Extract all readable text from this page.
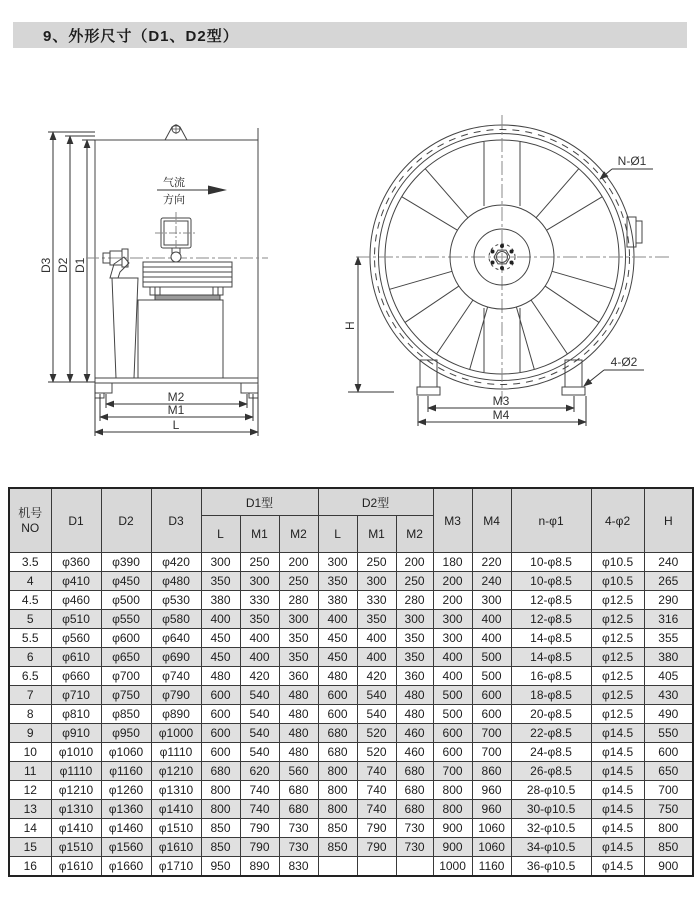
9、外形尺寸（D1、D2型）
D3 D2 D1
气流
方向
M2
M1
L
N-Ø1
4-Ø2
H
M3
M4
机号
NO	D1	D2	D3	D1型			D2型			M3	M4	n-φ1	4-φ2	H
				L	M1	M2	L	M1	M2					
3.5	φ360	φ390	φ420	300	250	200	300	250	200	180	220	10-φ8.5	φ10.5	240
4	φ410	φ450	φ480	350	300	250	350	300	250	200	240	10-φ8.5	φ10.5	265
4.5	φ460	φ500	φ530	380	330	280	380	330	280	200	300	12-φ8.5	φ12.5	290
5	φ510	φ550	φ580	400	350	300	400	350	300	300	400	12-φ8.5	φ12.5	316
5.5	φ560	φ600	φ640	450	400	350	450	400	350	300	400	14-φ8.5	φ12.5	355
6	φ610	φ650	φ690	450	400	350	450	400	350	400	500	14-φ8.5	φ12.5	380
6.5	φ660	φ700	φ740	480	420	360	480	420	360	400	500	16-φ8.5	φ12.5	405
7	φ710	φ750	φ790	600	540	480	600	540	480	500	600	18-φ8.5	φ12.5	430
8	φ810	φ850	φ890	600	540	480	600	540	480	500	600	20-φ8.5	φ12.5	490
9	φ910	φ950	φ1000	600	540	480	680	520	460	600	700	22-φ8.5	φ14.5	550
10	φ1010	φ1060	φ1110	600	540	480	680	520	460	600	700	24-φ8.5	φ14.5	600
11	φ1110	φ1160	φ1210	680	620	560	800	740	680	700	860	26-φ8.5	φ14.5	650
12	φ1210	φ1260	φ1310	800	740	680	800	740	680	800	960	28-φ10.5	φ14.5	700
13	φ1310	φ1360	φ1410	800	740	680	800	740	680	800	960	30-φ10.5	φ14.5	750
14	φ1410	φ1460	φ1510	850	790	730	850	790	730	900	1060	32-φ10.5	φ14.5	800
15	φ1510	φ1560	φ1610	850	790	730	850	790	730	900	1060	34-φ10.5	φ14.5	850
16	φ1610	φ1660	φ1710	950	890	830				1000	1160	36-φ10.5	φ14.5	900
